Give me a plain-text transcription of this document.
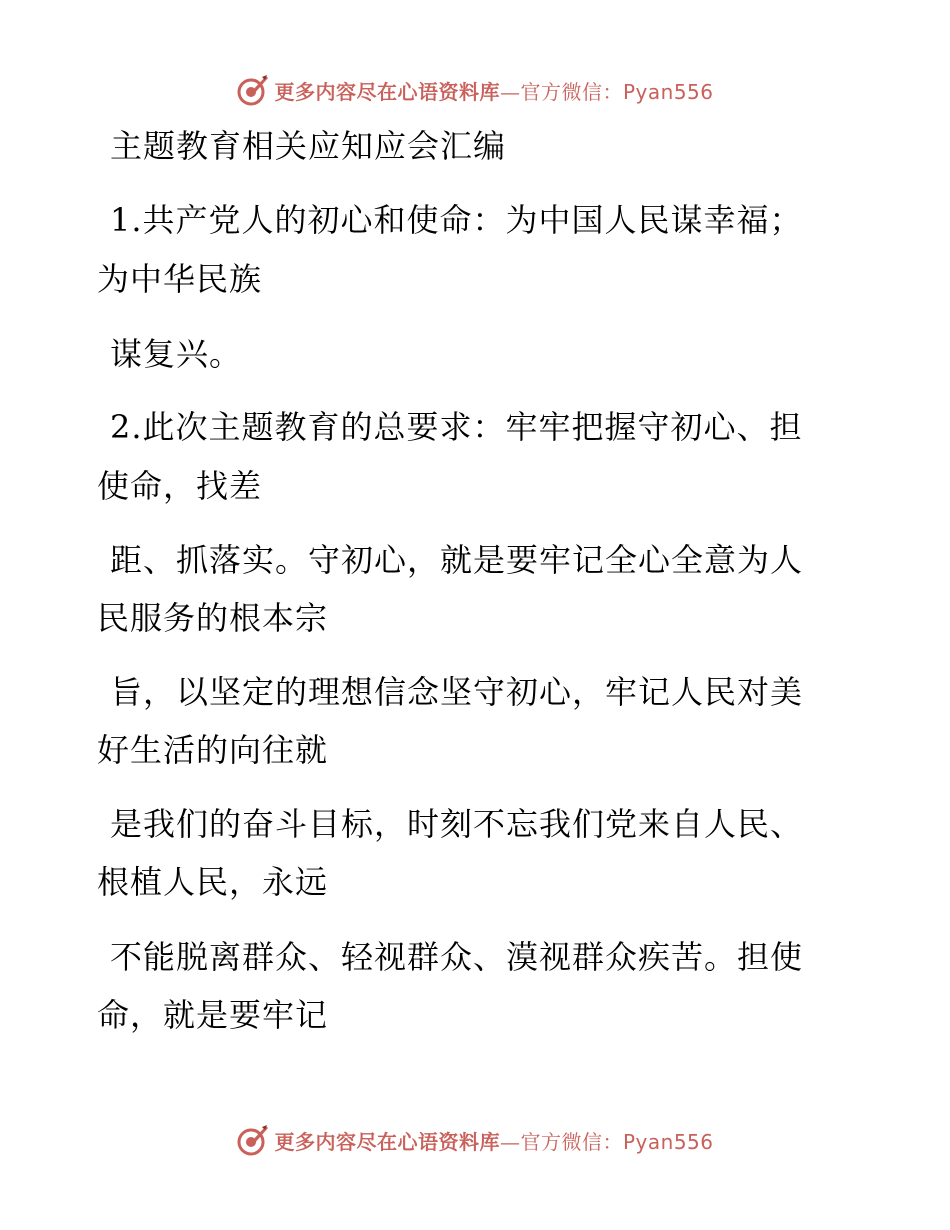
更多内容尽在心语资料库—官方微信：Pyan556
主题教育相关应知应会汇编
1.共产党人的初心和使命：为中国人民谋幸福；
为中华民族
谋复兴。
2.此次主题教育的总要求：牢牢把握守初心、担
使命，找差
距、抓落实。守初心，就是要牢记全心全意为人
民服务的根本宗
旨，以坚定的理想信念坚守初心，牢记人民对美
好生活的向往就
是我们的奋斗目标，时刻不忘我们党来自人民、
根植人民，永远
不能脱离群众、轻视群众、漠视群众疾苦。担使
命，就是要牢记
更多内容尽在心语资料库—官方微信：Pyan556
